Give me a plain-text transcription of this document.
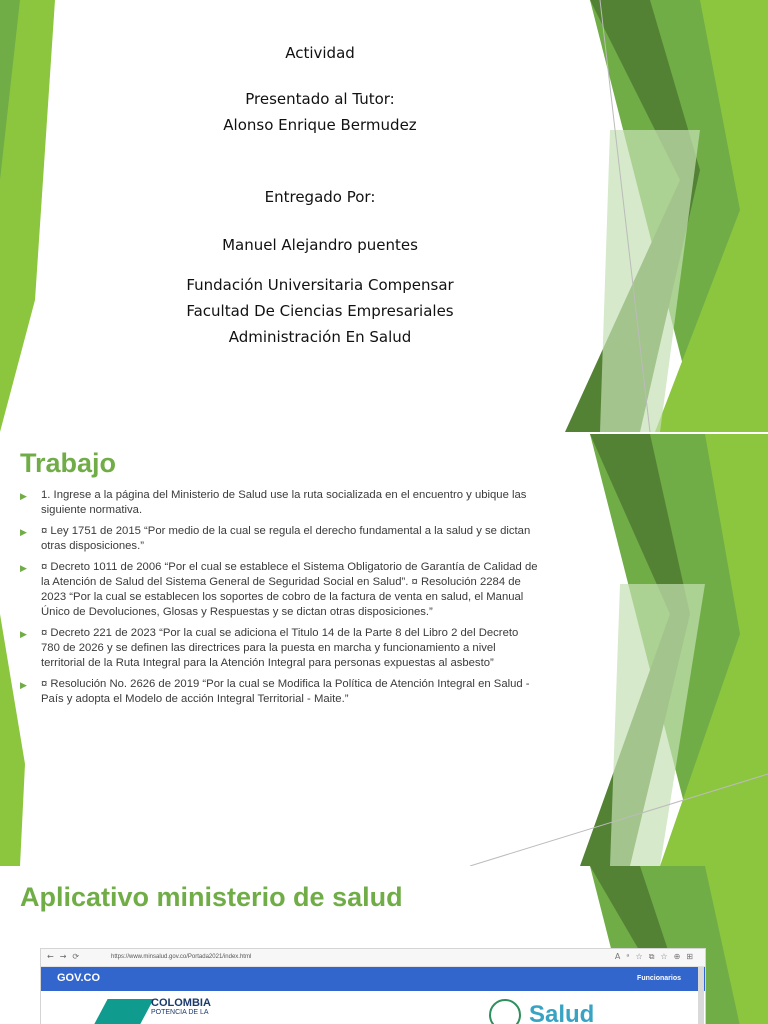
Actividad
Presentado al Tutor:
Alonso Enrique Bermudez
Entregado Por:
Manuel Alejandro puentes
Fundación Universitaria Compensar
Facultad De Ciencias Empresariales
Administración En Salud
Trabajo
▶ 1. Ingrese a la página del Ministerio de Salud use la ruta socializada en el encuentro y ubique las siguiente normativa.
▶ ¤ Ley 1751 de 2015 “Por medio de la cual se regula el derecho fundamental a la salud y se dictan otras disposiciones.”
▶ ¤ Decreto 1011 de 2006 “Por el cual se establece el Sistema Obligatorio de Garantía de Calidad de la Atención de Salud del Sistema General de Seguridad Social en Salud”. ¤ Resolución 2284 de 2023 “Por la cual se establecen los soportes de cobro de la factura de venta en salud, el Manual Único de Devoluciones, Glosas y Respuestas y se dictan otras disposiciones.”
▶ ¤ Decreto 221 de 2023 “Por la cual se adiciona el Titulo 14 de la Parte 8 del Libro 2 del Decreto 780 de 2026 y se definen las directrices para la puesta en marcha y funcionamiento a nivel territorial de la Ruta Integral para la Atención Integral para personas expuestas al asbesto”
▶ ¤ Resolución No. 2626 de 2019 “Por la cual se Modifica la Política de Atención Integral en Salud - País y adopta el Modelo de acción Integral Territorial - Maite.”
Aplicativo ministerio de salud
←→⟳	https://www.minsalud.gov.co/Portada2021/index.html	Aᵃ☆⧉☆⊕⊞
GOV.CO	Funcionarios
COLOMBIA
POTENCIA DE LA	Salud
